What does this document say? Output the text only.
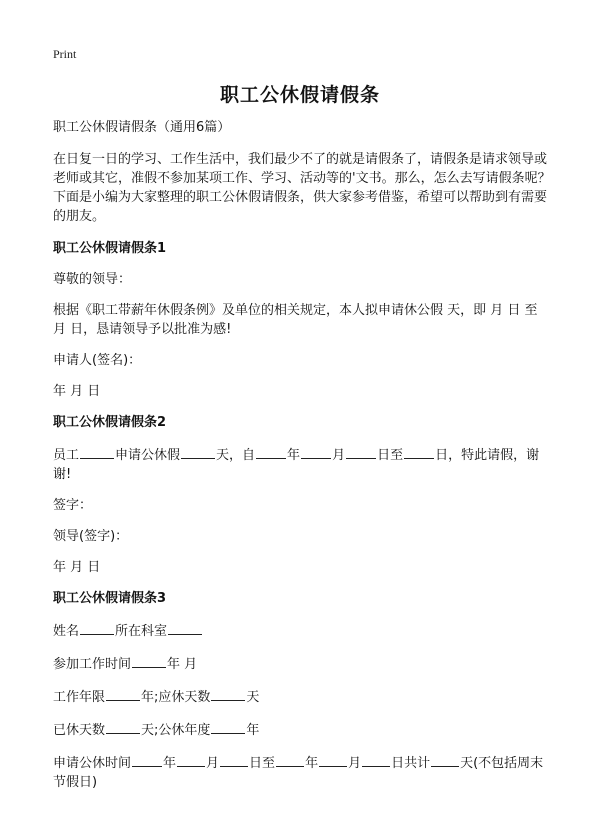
Print
职工公休假请假条

职工公休假请假条（通用6篇）

在日复一日的学习、工作生活中，我们最少不了的就是请假条了，请假条是请求领导或老师或其它，准假不参加某项工作、学习、活动等的'文书。那么，怎么去写请假条呢？下面是小编为大家整理的职工公休假请假条，供大家参考借鉴，希望可以帮助到有需要的朋友。

职工公休假请假条1

尊敬的领导：

根据《职工带薪年休假条例》及单位的相关规定，本人拟申请休公假 天，即 月 日 至 月 日，恳请领导予以批准为感!

申请人(签名)：

年 月 日

职工公休假请假条2

员工	申请公休假	天，自 年 月 日至 日，特此请假，谢谢!

签字：

领导(签字)：

年 月 日

职工公休假请假条3

姓名	所在科室

参加工作时间	年 月

工作年限	年;应休天数	天

已休天数	天;公休年度	年

申请公休时间 年 月 日至 年 月 日共计 天(不包括周末节假日)
